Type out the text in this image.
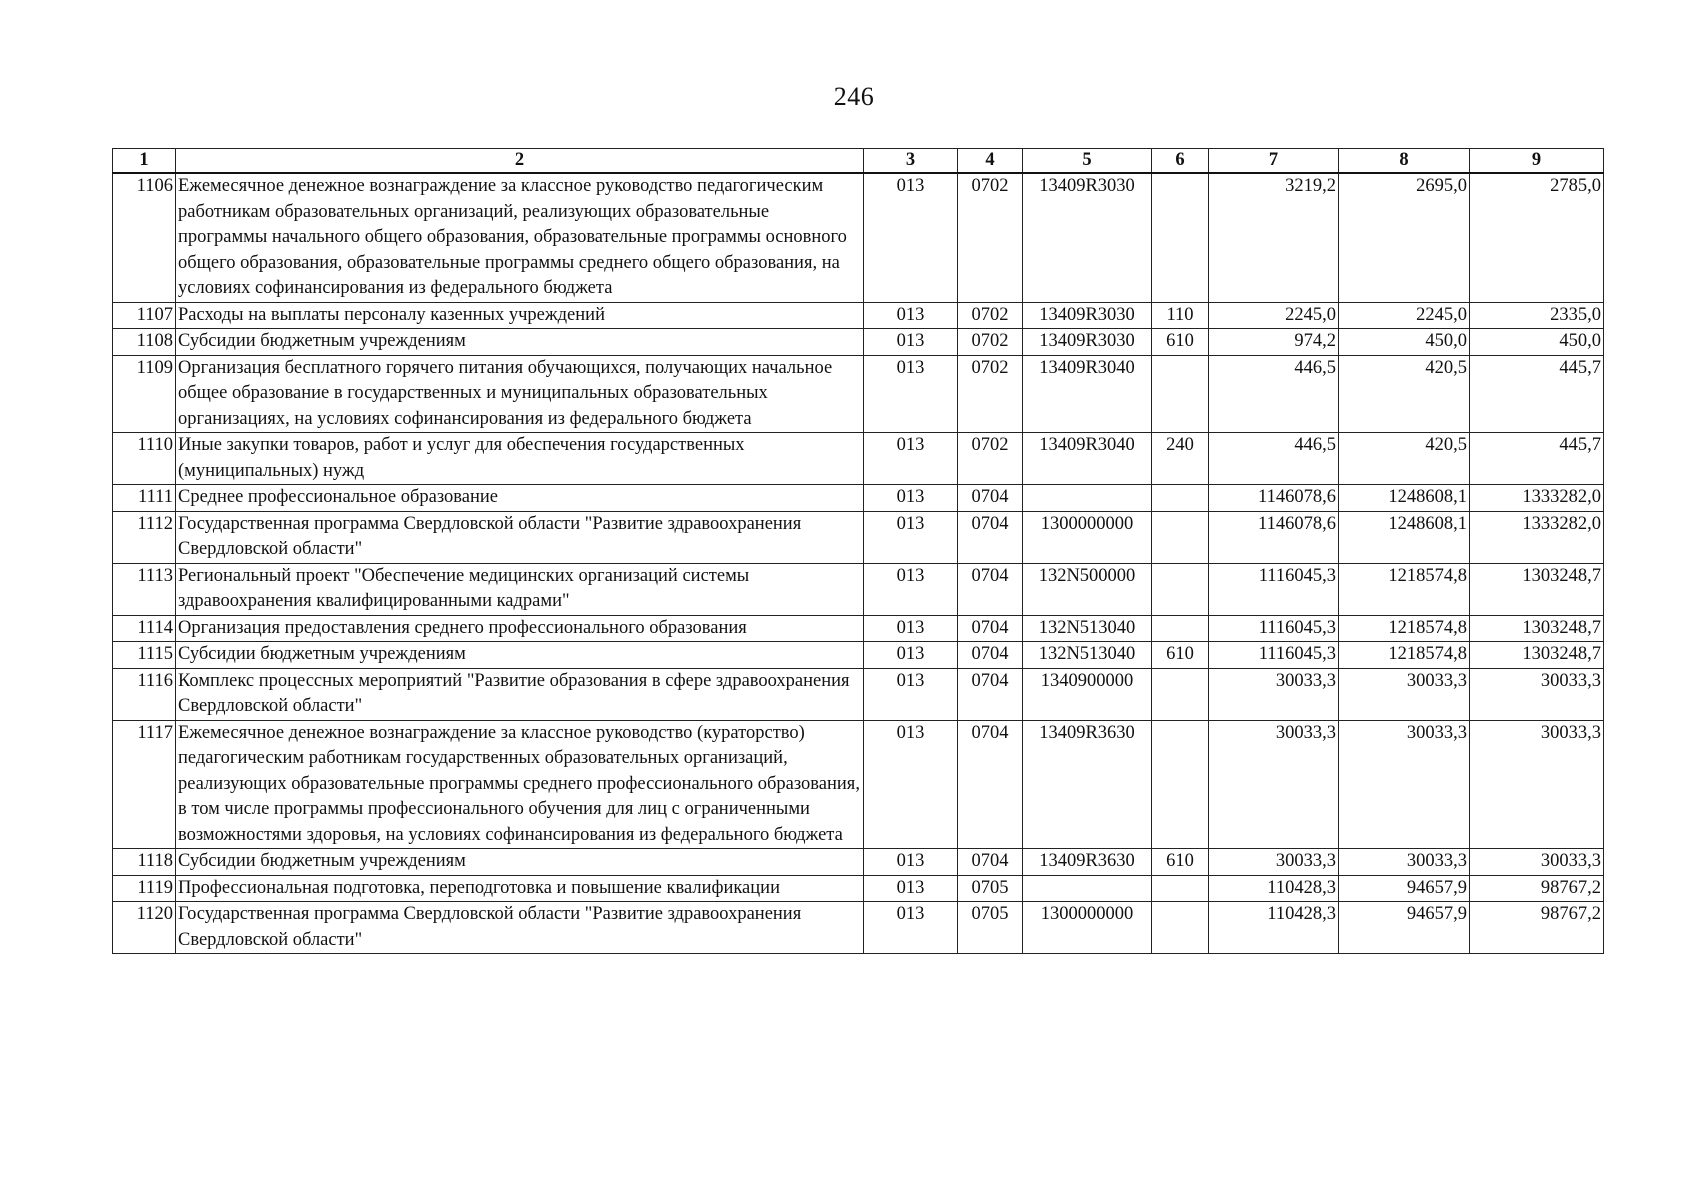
246
1	2	3	4	5	6	7	8	9
1106	Ежемесячное денежное вознаграждение за классное руководство педагогическим работникам образовательных организаций, реализующих образовательные программы начального общего образования, образовательные программы основного общего образования, образовательные программы среднего общего образования, на условиях софинансирования из федерального бюджета	013	0702	13409R3030		3219,2	2695,0	2785,0
1107	Расходы на выплаты персоналу казенных учреждений	013	0702	13409R3030	110	2245,0	2245,0	2335,0
1108	Субсидии бюджетным учреждениям	013	0702	13409R3030	610	974,2	450,0	450,0
1109	Организация бесплатного горячего питания обучающихся, получающих начальное общее образование в государственных и муниципальных образовательных организациях, на условиях софинансирования из федерального бюджета	013	0702	13409R3040		446,5	420,5	445,7
1110	Иные закупки товаров, работ и услуг для обеспечения государственных (муниципальных) нужд	013	0702	13409R3040	240	446,5	420,5	445,7
1111	Среднее профессиональное образование	013	0704			1146078,6	1248608,1	1333282,0
1112	Государственная программа Свердловской области "Развитие здравоохранения Свердловской области"	013	0704	1300000000		1146078,6	1248608,1	1333282,0
1113	Региональный проект "Обеспечение медицинских организаций системы здравоохранения квалифицированными кадрами"	013	0704	132N500000		1116045,3	1218574,8	1303248,7
1114	Организация предоставления среднего профессионального образования	013	0704	132N513040		1116045,3	1218574,8	1303248,7
1115	Субсидии бюджетным учреждениям	013	0704	132N513040	610	1116045,3	1218574,8	1303248,7
1116	Комплекс процессных мероприятий "Развитие образования в сфере здравоохранения Свердловской области"	013	0704	1340900000		30033,3	30033,3	30033,3
1117	Ежемесячное денежное вознаграждение за классное руководство (кураторство) педагогическим работникам государственных образовательных организаций, реализующих образовательные программы среднего профессионального образования, в том числе программы профессионального обучения для лиц с ограниченными возможностями здоровья, на условиях софинансирования из федерального бюджета	013	0704	13409R3630		30033,3	30033,3	30033,3
1118	Субсидии бюджетным учреждениям	013	0704	13409R3630	610	30033,3	30033,3	30033,3
1119	Профессиональная подготовка, переподготовка и повышение квалификации	013	0705			110428,3	94657,9	98767,2
1120	Государственная программа Свердловской области "Развитие здравоохранения Свердловской области"	013	0705	1300000000		110428,3	94657,9	98767,2
